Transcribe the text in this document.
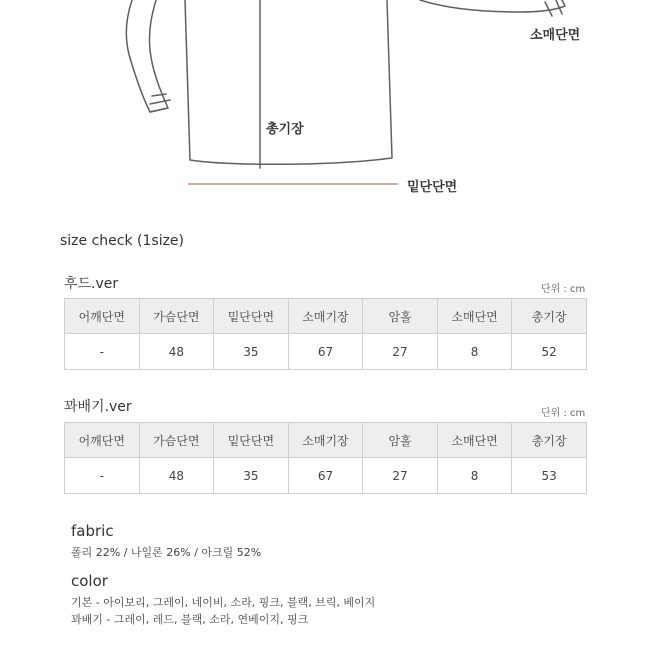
소매단면
총기장
밑단단면
size check (1size)
후드.ver	단위 : cm
어깨단면	가슴단면	밑단단면	소매기장	암홀	소매단면	총기장
-	48	35	67	27	8	52
꽈배기.ver	단위 : cm
어깨단면	가슴단면	밑단단면	소매기장	암홀	소매단면	총기장
-	48	35	67	27	8	53
fabric
폴리 22% / 나일론 26% / 아크릴 52%
color
기본 - 아이보리, 그레이, 네이비, 소라, 핑크, 블랙, 브릭, 베이지
꽈배기 - 그레이, 레드, 블랙, 소라, 연베이지, 핑크
